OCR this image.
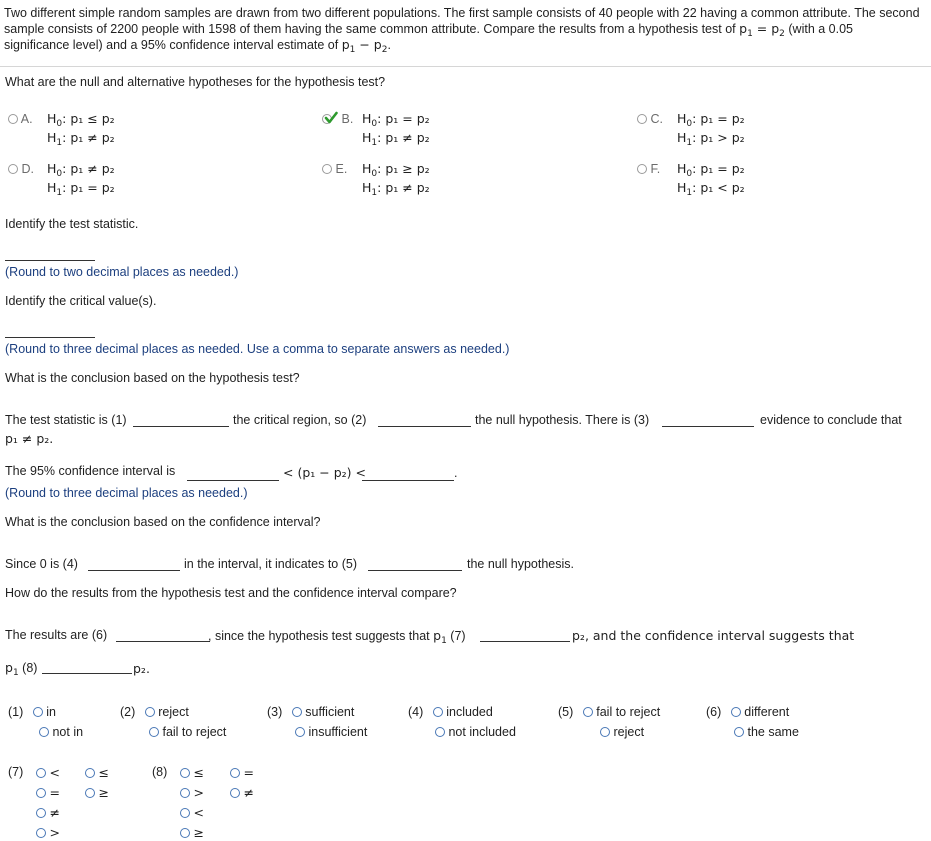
Two different simple random samples are drawn from two different populations. The first sample consists of 40 people with 22 having a common attribute. The second sample consists of 2200 people with 1598 of them having the same common attribute. Compare the results from a hypothesis test of $p_1 = p_2$ (with a 0.05
significance level) and a 95% confidence interval estimate of $p_1 - p_2$.
What are the null and alternative hypotheses for the hypothesis test?
A. $H_0$: p₁ ≤ p₂
$H_1$: p₁ ≠ p₂
B. $H_0$: p₁ = p₂
$H_1$: p₁ ≠ p₂
C. $H_0$: p₁ = p₂
$H_1$: p₁ > p₂
D. $H_0$: p₁ ≠ p₂
$H_1$: p₁ = p₂
E. $H_0$: p₁ ≥ p₂
$H_1$: p₁ ≠ p₂
F. $H_0$: p₁ = p₂
$H_1$: p₁ < p₂
Identify the test statistic.
(Round to two decimal places as needed.)
Identify the critical value(s).
(Round to three decimal places as needed. Use a comma to separate answers as needed.)
What is the conclusion based on the hypothesis test?
The test statistic is (1)	the critical region, so (2)	the null hypothesis. There is (3)	evidence to conclude that
p₁ ≠ p₂.
The 95% confidence interval is	< (p₁ − p₂) <	.
(Round to three decimal places as needed.)
What is the conclusion based on the confidence interval?
Since 0 is (4)	in the interval, it indicates to (5)	the null hypothesis.
How do the results from the hypothesis test and the confidence interval compare?
The results are (6)	, since the hypothesis test suggests that $p_1$ (7)	p₂, and the confidence interval suggests that
$p_1$ (8)	p₂.
(1) in
not in
(2) reject
fail to reject
(3) sufficient
insufficient
(4) included
not included
(5) fail to reject
reject
(6) different
the same
(7)	<
=
≠
>
≤
≥
(8)	≤
>
<
≥
=
≠
